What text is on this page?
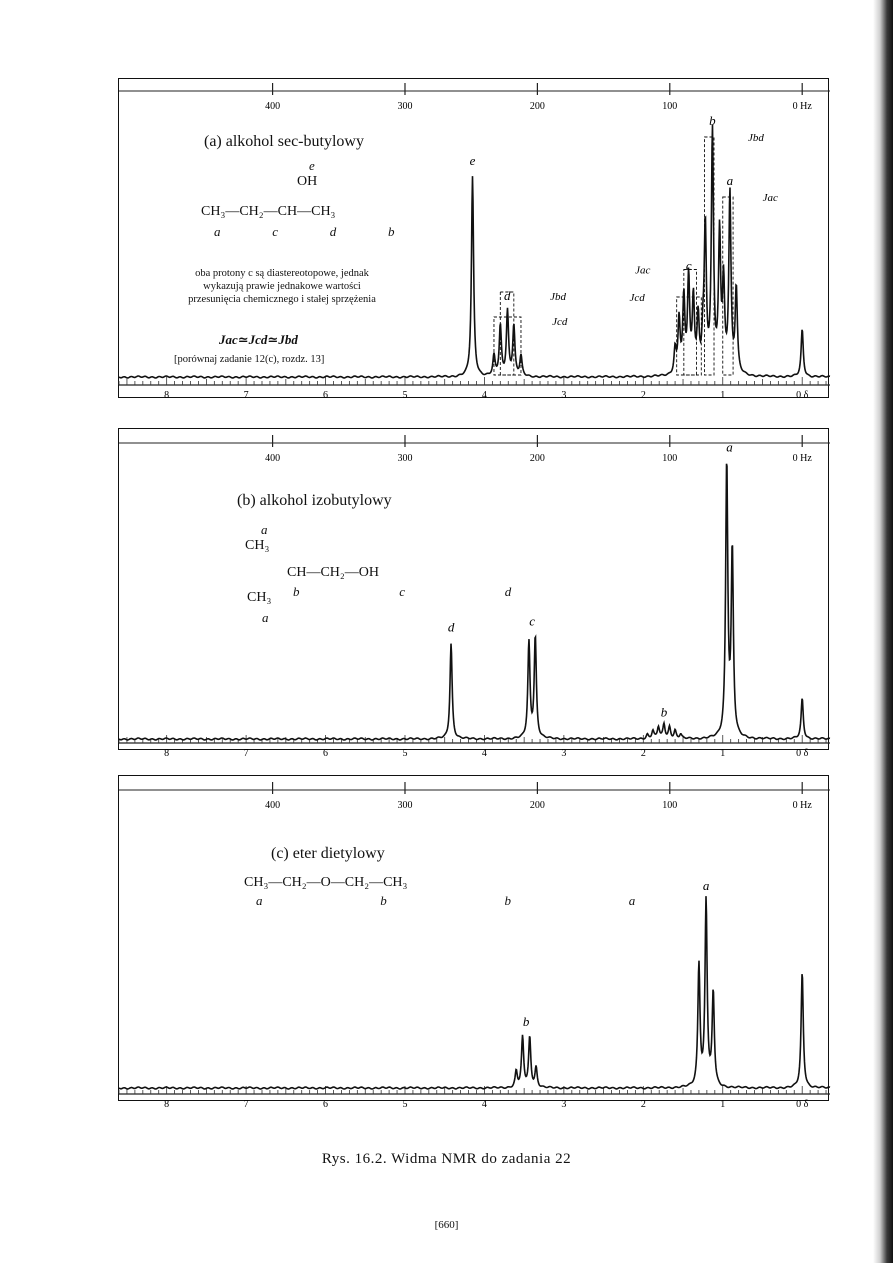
400	300	200	100	0 Hz
8	7	6	5	4	3	2	1	0 δ
e
d
c
b
a
Jbd
Jac
Jbd
Jcd
Jac
Jcd
(a) alkohol sec-butylowy
e
OH
CH₃—CH₂—CH—CH₃
a   c   d   b
oba protony c są diastereotopowe, jednak wykazują prawie jednakowe wartości przesunięcia chemicznego i stałej sprzężenia
Jac≃Jcd≃Jbd
[porównaj zadanie 12(c), rozdz. 13]
400	300	200	100	0 Hz
8	7	6	5	4	3	2	1	0 δ
d	c
b
a
(b) alkohol izobutylowy
a
CH₃
CH—CH₂—OH
CH₃ b   c   d
a
400	300	200	100	0 Hz
8	7	6	5	4	3	2	1	0 δ
b
a
(c) eter dietylowy
CH₃—CH₂—O—CH₂—CH₃
a   b   b   a
Rys. 16.2. Widma NMR do zadania 22
[660]
